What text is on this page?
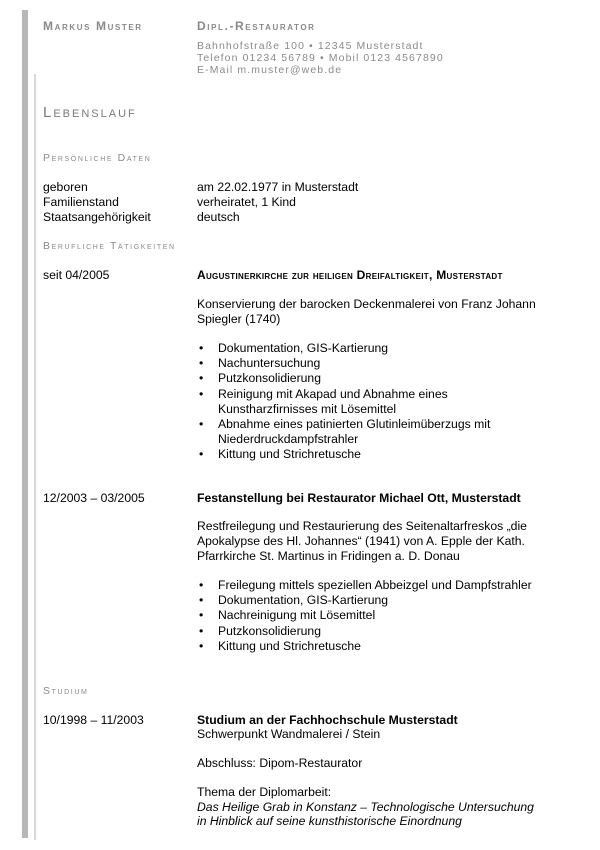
Markus Muster	Dipl.-Restaurator
Bahnhofstraße 100 • 12345 Musterstadt
Telefon 01234 56789 • Mobil 0123 4567890
E-Mail m.muster@web.de
Lebenslauf
Persönliche Daten
geboren	am 22.02.1977 in Musterstadt
Familienstand	verheiratet, 1 Kind
Staatsangehörigkeit	deutsch
Berufliche Tätigkeiten
seit 04/2005	Augustinerkirche zur heiligen Dreifaltigkeit, Musterstadt
Konservierung der barocken Deckenmalerei von Franz Johann
Spiegler (1740)
• Dokumentation, GIS-Kartierung
• Nachuntersuchung
• Putzkonsolidierung
• Reinigung mit Akapad und Abnahme eines Kunstharzfirnisses mit Lösemittel
• Abnahme eines patinierten Glutinleimüberzugs mit Niederdruckdampfstrahler
• Kittung und Strichretusche
12/2003 – 03/2005	Festanstellung bei Restaurator Michael Ott, Musterstadt
Restfreilegung und Restaurierung des Seitenaltarfreskos „die
Apokalypse des Hl. Johannes“ (1941) von A. Epple der Kath.
Pfarrkirche St. Martinus in Fridingen a. D. Donau
• Freilegung mittels speziellen Abbeizgel und Dampfstrahler
• Dokumentation, GIS-Kartierung
• Nachreinigung mit Lösemittel
• Putzkonsolidierung
• Kittung und Strichretusche
Studium
10/1998 – 11/2003	Studium an der Fachhochschule Musterstadt
Schwerpunkt Wandmalerei / Stein
Abschluss: Dipom-Restaurator
Thema der Diplomarbeit:
Das Heilige Grab in Konstanz – Technologische Untersuchung
in Hinblick auf seine kunsthistorische Einordnung
